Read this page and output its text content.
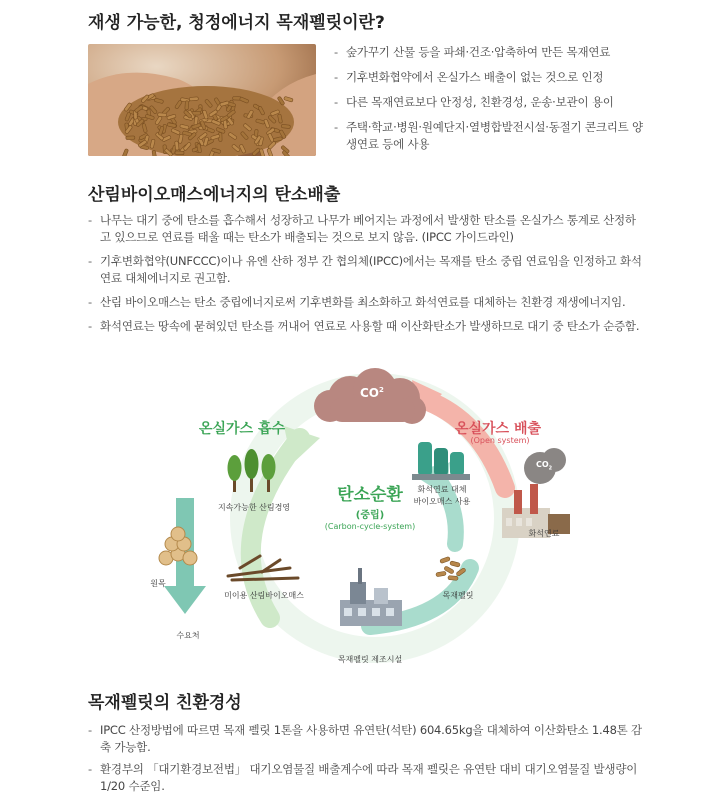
재생 가능한, 청정에너지 목재펠릿이란?
- 숲가꾸기 산물 등을 파쇄·건조·압축하여 만든 목재연료
- 기후변화협약에서 온실가스 배출이 없는 것으로 인정
- 다른 목재연료보다 안정성, 친환경성, 운송·보관이 용이
- 주택·학교·병원·원예단지·열병합발전시설·동절기 콘크리트 양생연료 등에 사용
산림바이오매스에너지의 탄소배출
- 나무는 대기 중에 탄소를 흡수해서 성장하고 나무가 베어지는 과정에서 발생한 탄소를 온실가스 통계로 산정하고 있으므로 연료를 태울 때는 탄소가 배출되는 것으로 보지 않음. (IPCC 가이드라인)
- 기후변화협약(UNFCCC)이나 유엔 산하 정부 간 협의체(IPCC)에서는 목재를 탄소 중립 연료임을 인정하고 화석연료 대체에너지로 권고함.
- 산림 바이오매스는 탄소 중립에너지로써 기후변화를 최소화하고 화석연료를 대체하는 친환경 재생에너지임.
- 화석연료는 땅속에 묻혀있던 탄소를 꺼내어 연료로 사용할 때 이산화탄소가 발생하므로 대기 중 탄소가 순증함.
$CO^2$
$CO_2$
온실가스 흡수	온실가스 배출
(Open system)
탄소순환
(중립)
(Carbon-cycle-system)
지속가능한 산림경영
원목
미이용 산림바이오매스
수요처
목재펠릿 제조시설
목재펠릿
화석연료
화석연료 대체
바이오매스 사용
목재펠릿의 친환경성
- IPCC 산정방법에 따르면 목재 펠릿 1톤을 사용하면 유연탄(석탄) 604.65kg을 대체하여 이산화탄소 1.48톤 감축 가능함.
- 환경부의 「대기환경보전법」 대기오염물질 배출계수에 따라 목재 펠릿은 유연탄 대비 대기오염물질 발생량이 1/20 수준임.
